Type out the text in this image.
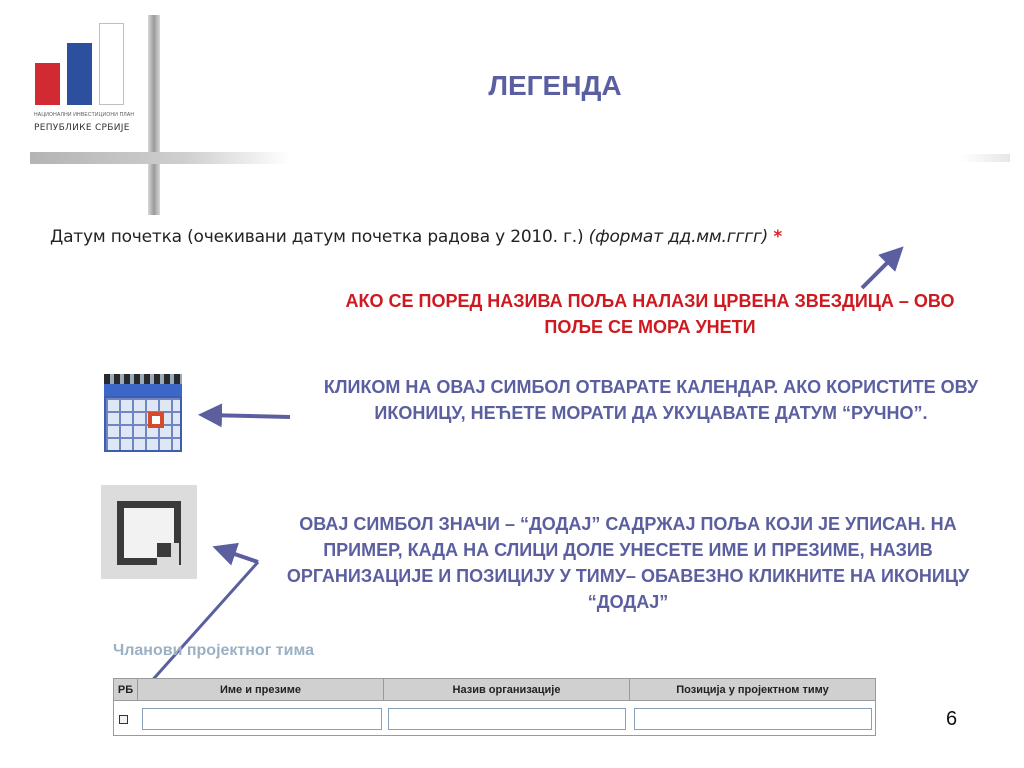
НАЦИОНАЛНИ ИНВЕСТИЦИОНИ ПЛАН
РЕПУБЛИКЕ СРБИЈЕ
ЛЕГЕНДА
Датум почетка (очекивани датум почетка радова у 2010. г.) (формат дд.мм.гггг) *
АКО СЕ ПОРЕД НАЗИВА ПОЉА НАЛАЗИ ЦРВЕНА ЗВЕЗДИЦА – ОВО ПОЉЕ СЕ МОРА УНЕТИ
КЛИКОМ НА ОВАЈ СИМБОЛ ОТВАРАТЕ КАЛЕНДАР. АКО КОРИСТИТЕ ОВУ ИКОНИЦУ, НЕЋЕТЕ МОРАТИ ДА УКУЦАВАТЕ ДАТУМ “РУЧНО”.
ОВАЈ СИМБОЛ ЗНАЧИ – “ДОДАЈ” САДРЖАЈ ПОЉА КОЈИ ЈЕ УПИСАН. НА ПРИМЕР, КАДА НА СЛИЦИ ДОЛЕ УНЕСЕТЕ ИМЕ И ПРЕЗИМЕ, НАЗИВ ОРГАНИЗАЦИЈЕ И ПОЗИЦИЈУ У ТИМУ– ОБАВЕЗНО КЛИКНИТЕ НА ИКОНИЦУ “ДОДАЈ”
Чланови пројектног тима
РБ	Име и презиме	Назив организације	Позиција у пројектном тиму
6
